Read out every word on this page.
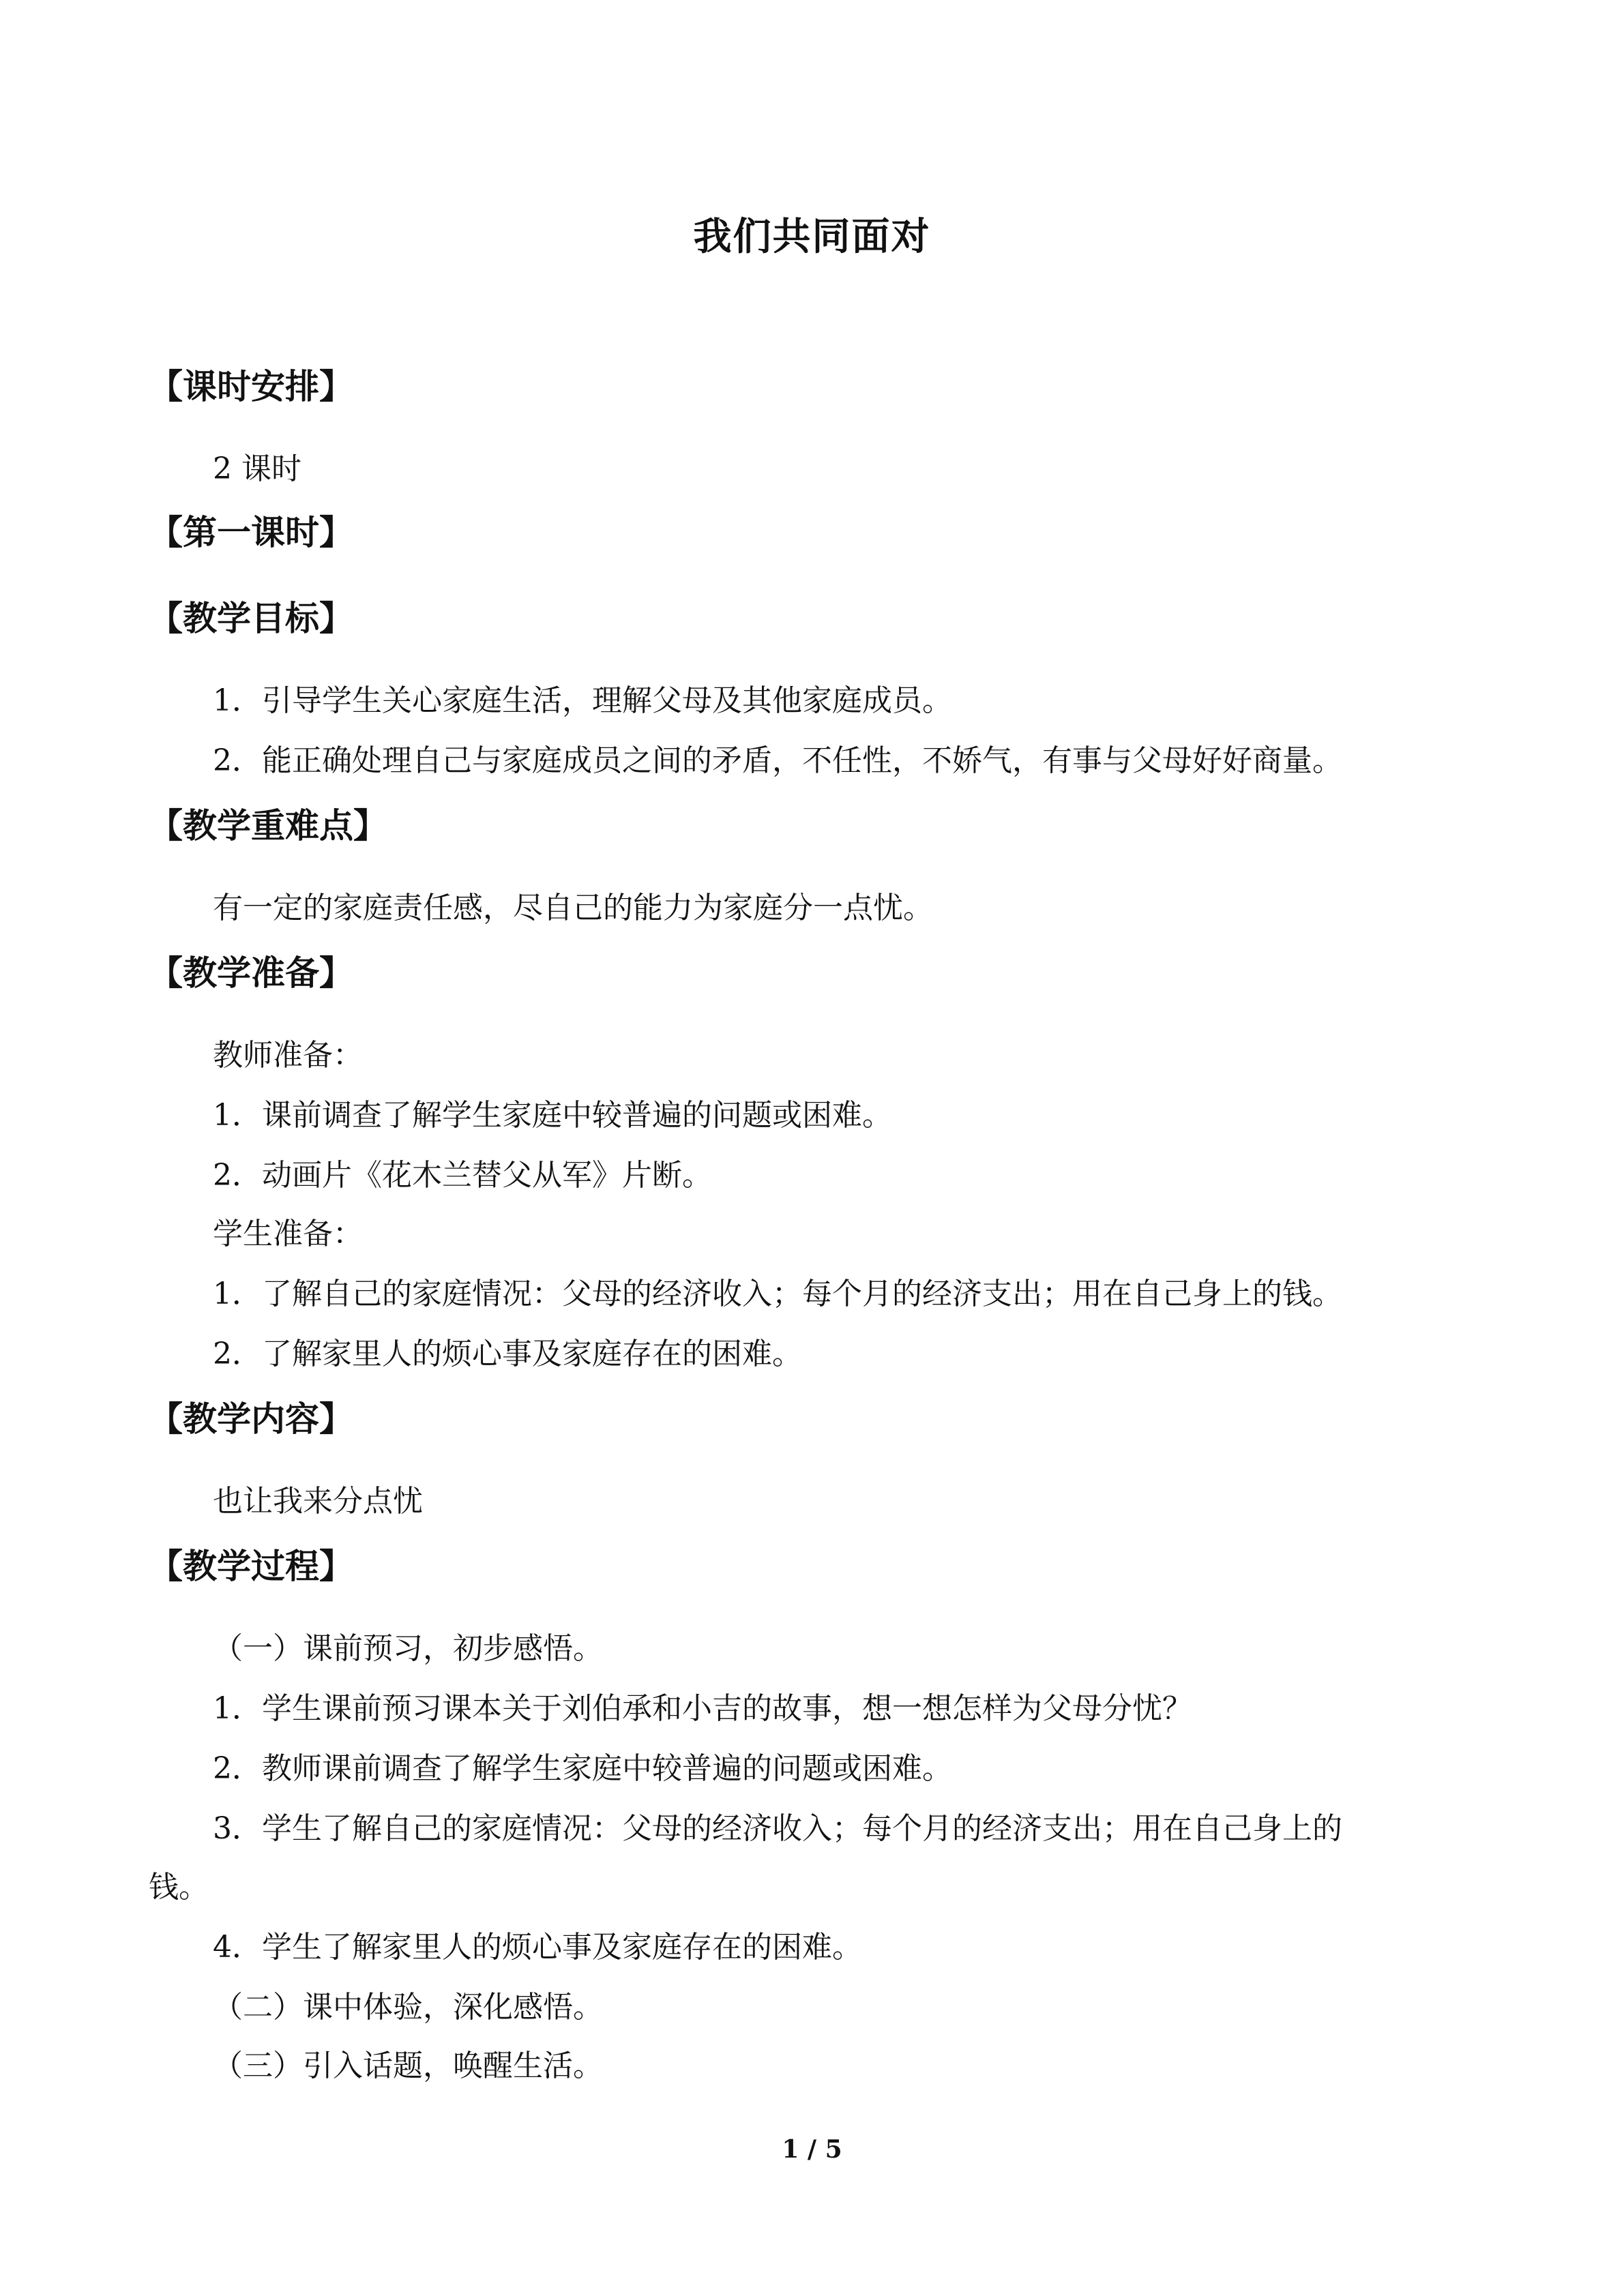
我们共同面对
【课时安排】
2 课时
【第一课时】
【教学目标】
1．引导学生关心家庭生活，理解父母及其他家庭成员。
2．能正确处理自己与家庭成员之间的矛盾，不任性，不娇气，有事与父母好好商量。
【教学重难点】
有一定的家庭责任感，尽自己的能力为家庭分一点忧。
【教学准备】
教师准备：
1．课前调查了解学生家庭中较普遍的问题或困难。
2．动画片《花木兰替父从军》片断。
学生准备：
1．了解自己的家庭情况：父母的经济收入；每个月的经济支出；用在自己身上的钱。
2．了解家里人的烦心事及家庭存在的困难。
【教学内容】
也让我来分点忧
【教学过程】
（一）课前预习，初步感悟。
1．学生课前预习课本关于刘伯承和小吉的故事，想一想怎样为父母分忧？
2．教师课前调查了解学生家庭中较普遍的问题或困难。
3．学生了解自己的家庭情况：父母的经济收入；每个月的经济支出；用在自己身上的
钱。
4．学生了解家里人的烦心事及家庭存在的困难。
（二）课中体验，深化感悟。
（三）引入话题，唤醒生活。
1 / 5
